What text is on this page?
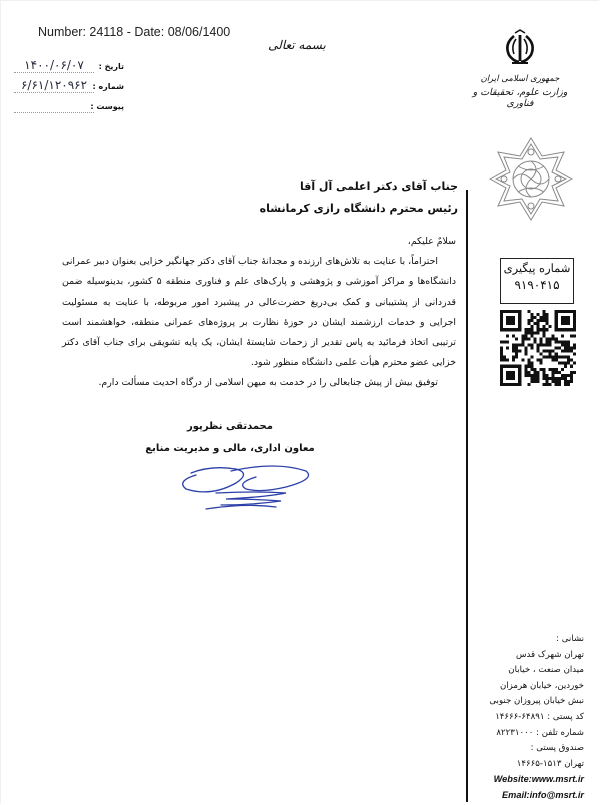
Number: 24118 - Date: 08/06/1400
بسمه تعالی
تاریخ :
۱۴۰۰/۰۶/۰۷
شماره :
۶/۶۱/۱۲۰۹۶۲
پیوست :
جمهوری اسلامی ایران
وزارت علوم، تحقیقات و فناوری
شماره پیگیری
۹۱۹۰۴۱۵
جناب آقای دکتر اعلمی آل آقا
رئیس محترم دانشگاه رازی کرمانشاه

سلامٌ علیکم،

احتراماً، با عنایت به تلاش‌های ارزنده و مجدانهٔ جناب آقای دکتر جهانگیر خزایی بعنوان دبیر عمرانی دانشگاه‌ها و مراکز آموزشی و پژوهشی و پارک‌های علم و فناوری منطقه ۵ کشور، بدینوسیله ضمن قدردانی از پشتیبانی و کمک بی‌دریغ حضرت‌عالی در پیشبرد امور مربوطه، با عنایت به مسئولیت اجرایی و خدمات ارزشمند ایشان در حوزهٔ نظارت بر پروژه‌های عمرانی منطقه، خواهشمند است ترتیبی اتخاذ فرمائید به پاس تقدیر از زحمات شایستهٔ ایشان، یک پایه تشویقی برای جناب آقای دکتر خزایی عضو محترم هیأت علمی دانشگاه منظور شود.

توفیق بیش از پیش جنابعالی را در خدمت به میهن اسلامی از درگاه احدیت مسألت دارم.

محمدتقی نظرپور
معاون اداری، مالی و مدیریت منابع
نشانی :
تهران شهرک قدس
میدان صنعت ، خیابان
خوردین، خیابان هرمزان
نبش خیابان پیروزان جنوبی
کد پستی : ۶۴۸۹۱-۱۴۶۶۶
شماره تلفن : ۸۲۲۳۱۰۰۰
صندوق پستی :
تهران ۱۵۱۳-۱۴۶۶۵
Website:www.msrt.ir
Email:info@msrt.ir
